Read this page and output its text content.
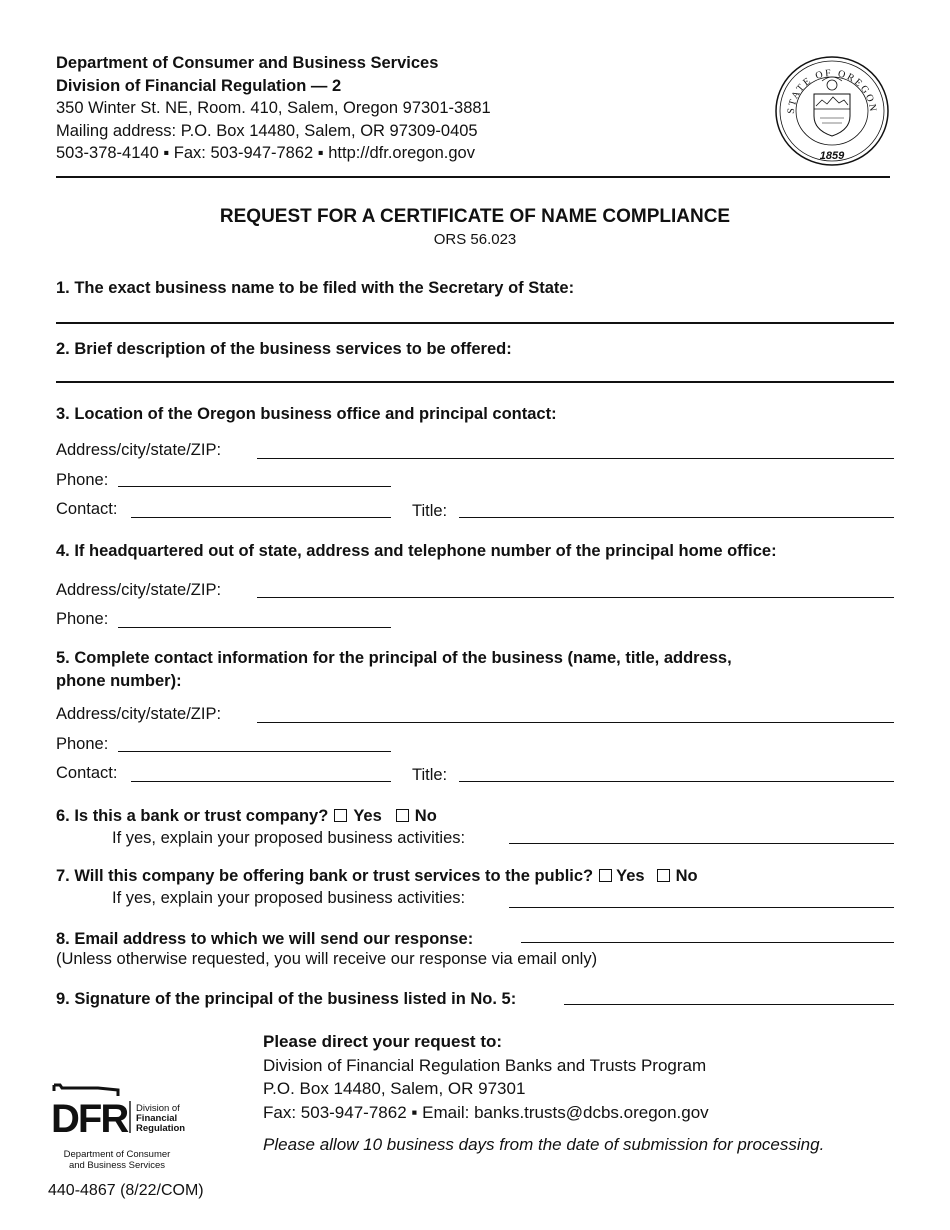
Department of Consumer and Business Services
Division of Financial Regulation — 2
350 Winter St. NE, Room. 410, Salem, Oregon 97301-3881
Mailing address: P.O. Box 14480, Salem, OR 97309-0405
503-378-4140 ▪ Fax: 503-947-7862 ▪ http://dfr.oregon.gov
STATE OF OREGON
1859
REQUEST FOR A CERTIFICATE OF NAME COMPLIANCE
ORS 56.023
1. The exact business name to be filed with the Secretary of State:
2. Brief description of the business services to be offered:
3. Location of the Oregon business office and principal contact:
Address/city/state/ZIP:
Phone:
Contact:	Title:
4. If headquartered out of state, address and telephone number of the principal home office:
Address/city/state/ZIP:
Phone:
5. Complete contact information for the principal of the business (name, title, address,
phone number):
Address/city/state/ZIP:
Phone:
Contact:	Title:
6. Is this a bank or trust company? Yes No
If yes, explain your proposed business activities:
7. Will this company be offering bank or trust services to the public? Yes No
If yes, explain your proposed business activities:
8. Email address to which we will send our response:
(Unless otherwise requested, you will receive our response via email only)
9. Signature of the principal of the business listed in No. 5:
Please direct your request to:
Division of Financial Regulation Banks and Trusts Program
P.O. Box 14480, Salem, OR 97301
Fax: 503-947-7862 ▪ Email: banks.trusts@dcbs.oregon.gov
Please allow 10 business days from the date of submission for processing.
DFR Division of
Financial
Regulation
Department of Consumer
and Business Services
440-4867 (8/22/COM)
